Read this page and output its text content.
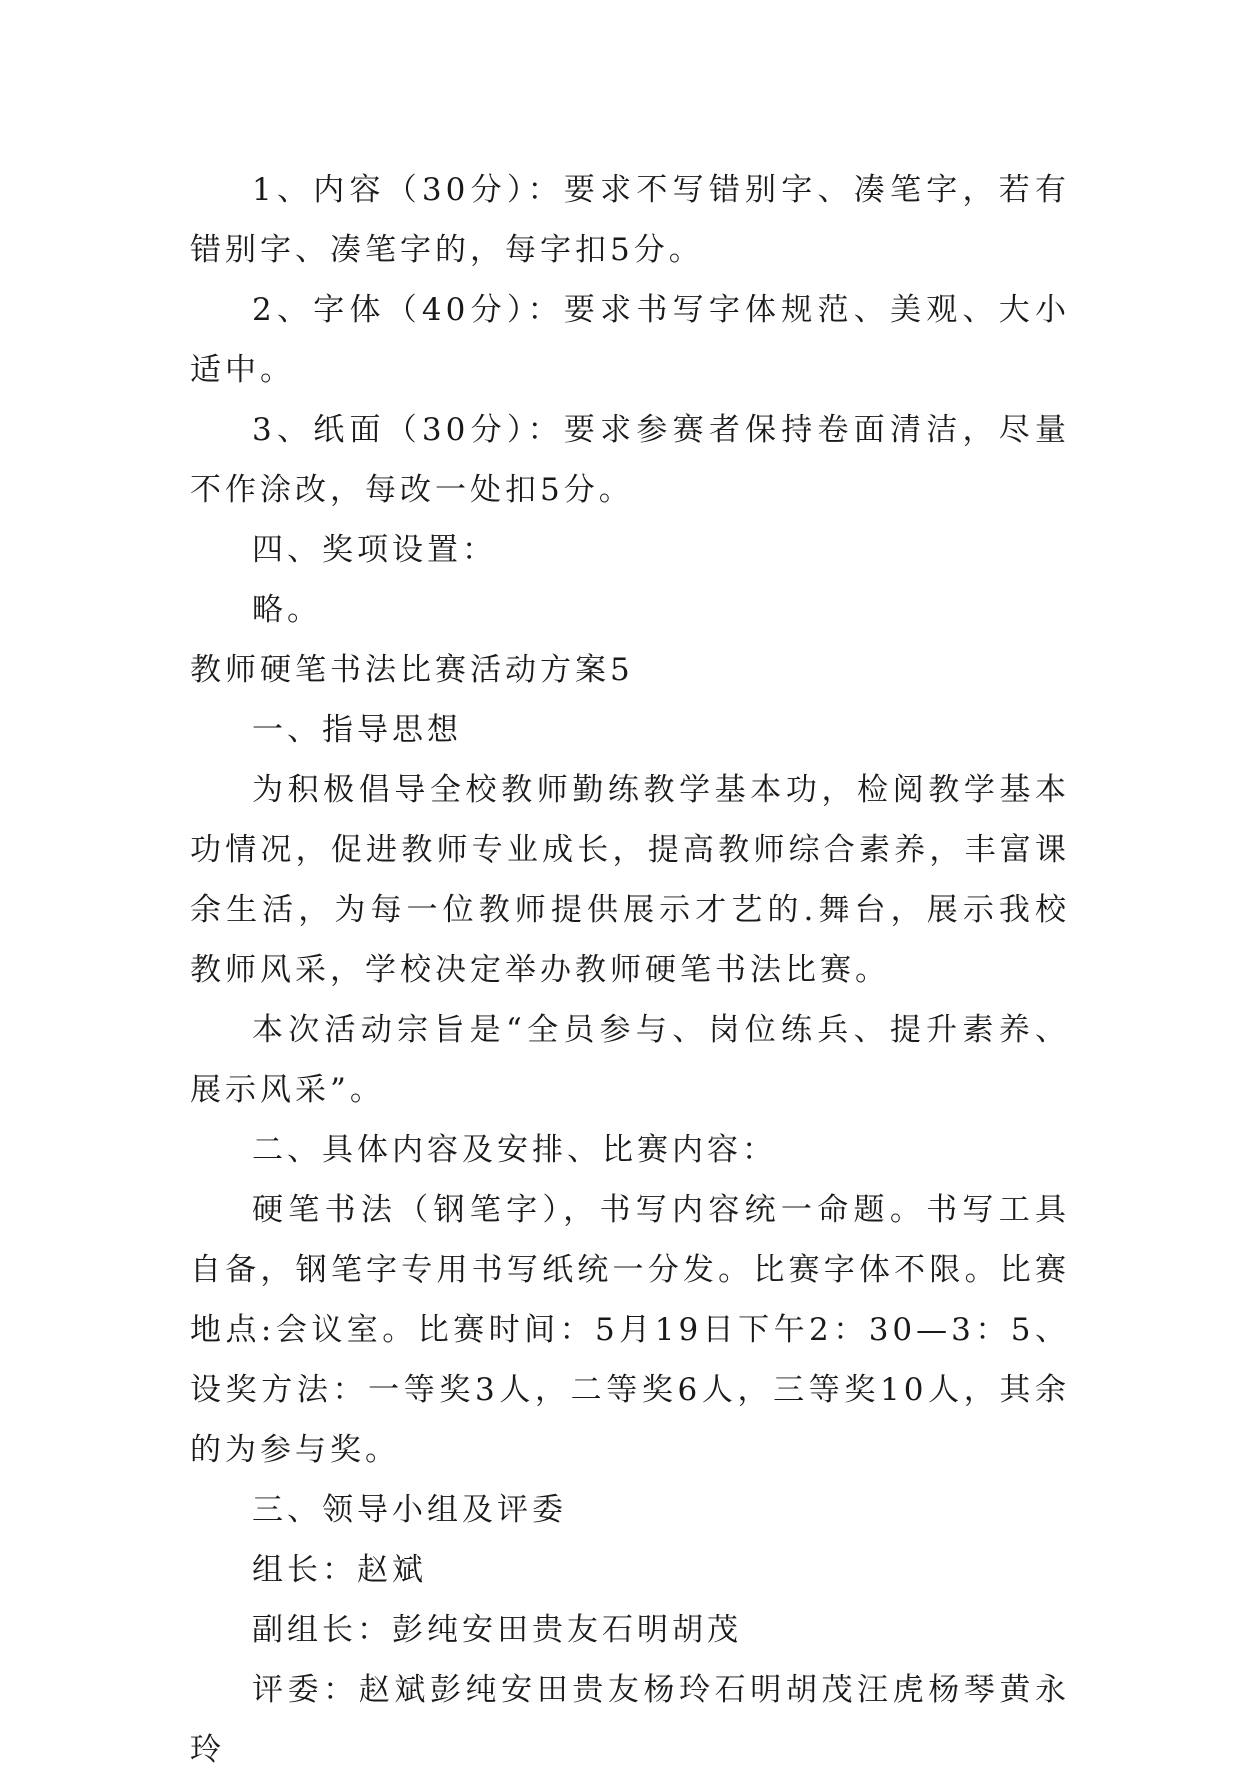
1、内容（30分）：要求不写错别字、凑笔字，若有错别字、凑笔字的，每字扣5分。

2、字体（40分）：要求书写字体规范、美观、大小适中。

3、纸面（30分）：要求参赛者保持卷面清洁，尽量不作涂改，每改一处扣5分。

四、奖项设置：

略。

教师硬笔书法比赛活动方案5

一、指导思想

为积极倡导全校教师勤练教学基本功，检阅教学基本功情况，促进教师专业成长，提高教师综合素养，丰富课余生活，为每一位教师提供展示才艺的.舞台，展示我校教师风采，学校决定举办教师硬笔书法比赛。

本次活动宗旨是“全员参与、岗位练兵、提升素养、展示风采”。

二、具体内容及安排、比赛内容：

硬笔书法（钢笔字），书写内容统一命题。书写工具自备，钢笔字专用书写纸统一分发。比赛字体不限。比赛地点:会议室。比赛时间：5月19日下午2：30—3：5、设奖方法：一等奖3人，二等奖6人，三等奖10人，其余的为参与奖。

三、领导小组及评委

组长：赵斌

副组长：彭纯安田贵友石明胡茂

评委：赵斌彭纯安田贵友杨玲石明胡茂汪虎杨琴黄永玲
